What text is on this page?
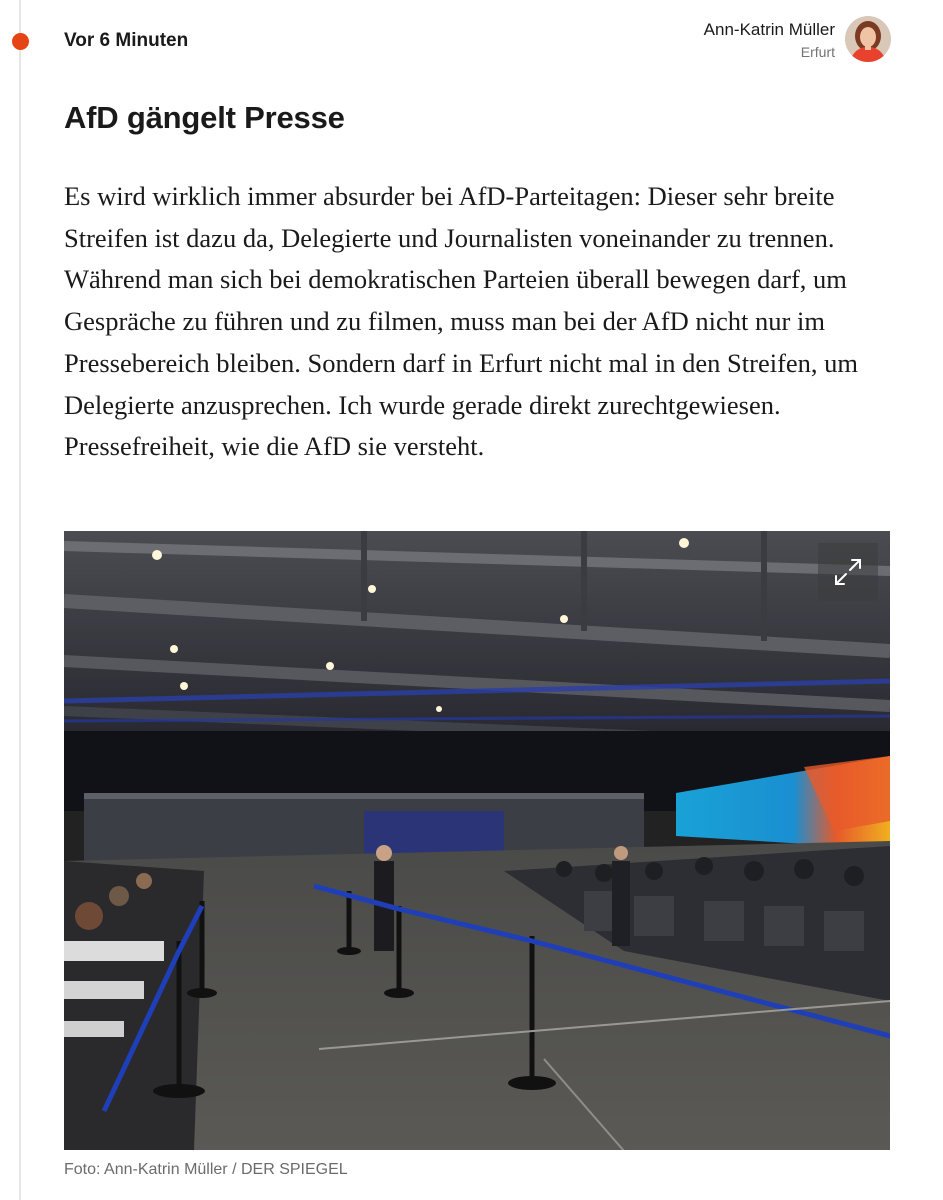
Vor 6 Minuten
Ann-Katrin Müller
Erfurt
AfD gängelt Presse

Es wird wirklich immer absurder bei AfD-Parteitagen: Dieser sehr breite Streifen ist dazu da, Delegierte und Journalisten voneinander zu trennen. Während man sich bei demokratischen Parteien überall bewegen darf, um Gespräche zu führen und zu filmen, muss man bei der AfD nicht nur im Pressebereich bleiben. Sondern darf in Erfurt nicht mal in den Streifen, um Delegierte anzusprechen. Ich wurde gerade direkt zurechtgewiesen. Pressefreiheit, wie die AfD sie versteht.

Foto: Ann-Katrin Müller / DER SPIEGEL
